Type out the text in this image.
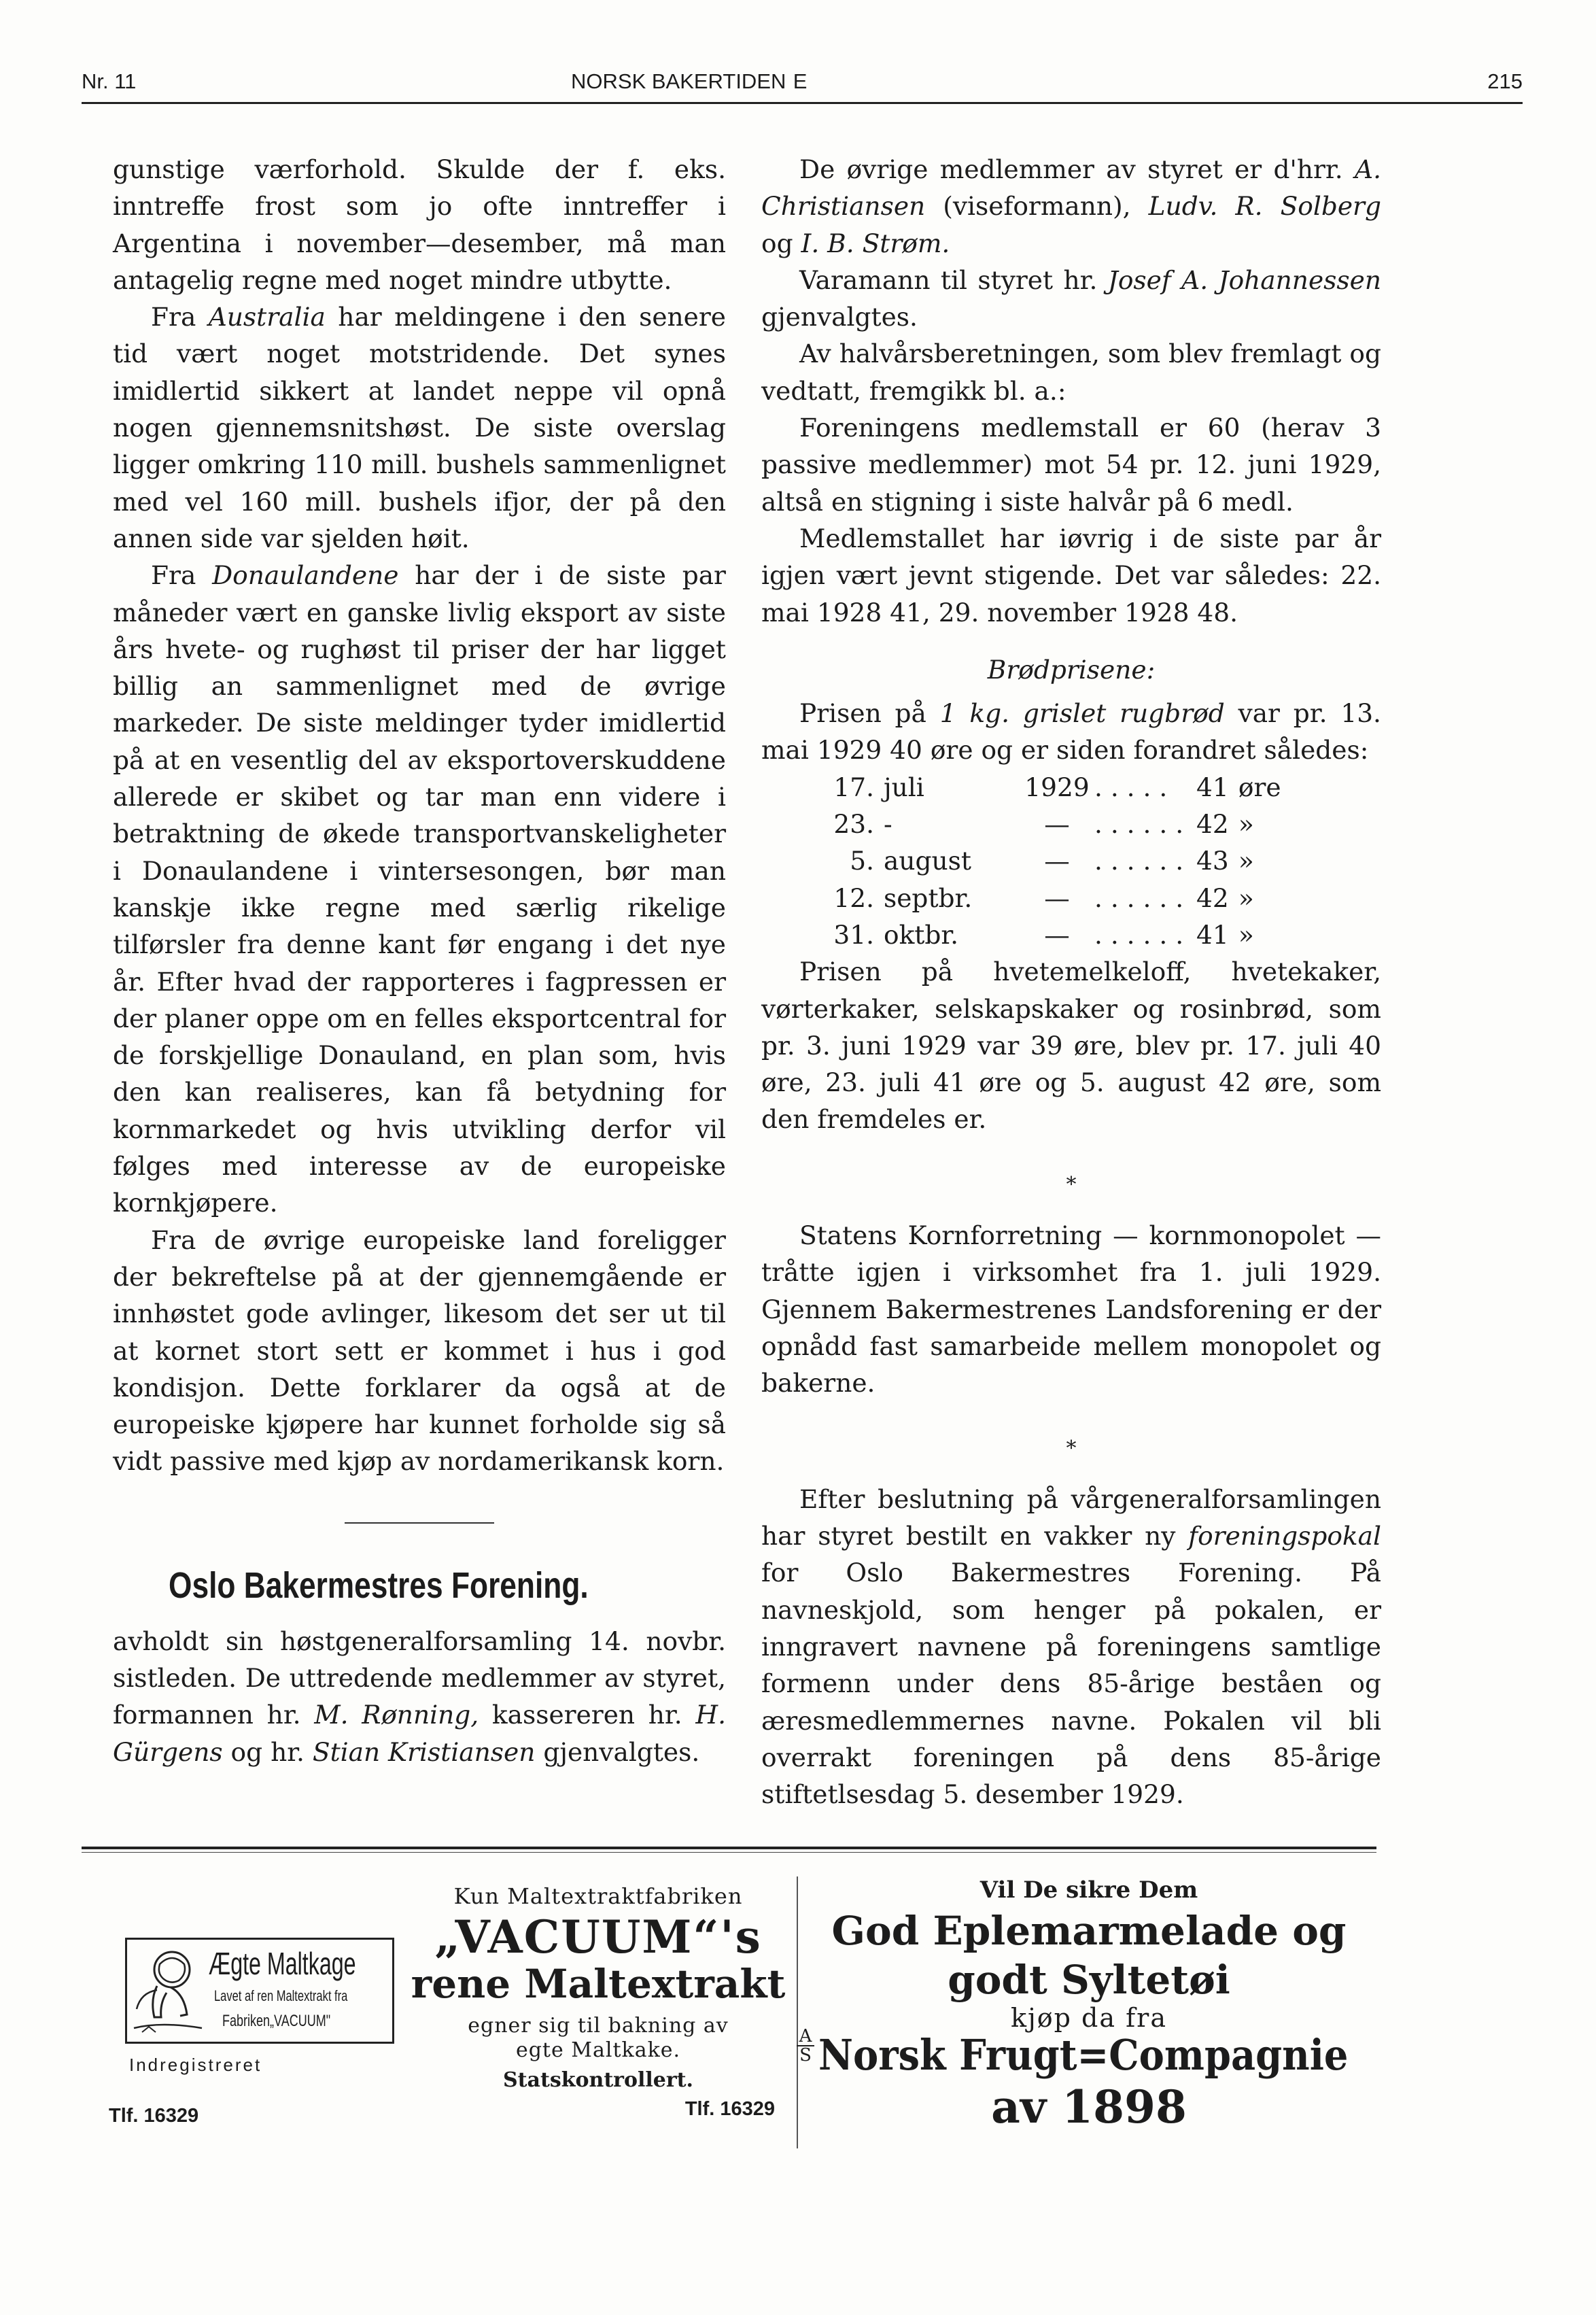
Nr. 11	NORSK BAKERTIDEN  E	215

gunstige værforhold. Skulde der f. eks. inntreffe frost som jo ofte inntreffer i Argentina i november—desember, må man antagelig regne med noget mindre utbytte.

Fra Australia har meldingene i den senere tid vært noget motstridende. Det synes imidlertid sikkert at landet neppe vil opnå nogen gjennemsnitshøst. De siste overslag ligger omkring 110 mill. bushels sammenlignet med vel 160 mill. bushels ifjor, der på den annen side var sjelden høit.

Fra Donaulandene har der i de siste par måneder vært en ganske livlig eksport av siste års hvete- og rughøst til priser der har ligget billig an sammenlignet med de øvrige markeder. De siste meldinger tyder imidlertid på at en vesentlig del av eksportoverskuddene allerede er skibet og tar man enn videre i betraktning de økede transportvanskeligheter i Donaulandene i vintersesongen, bør man kanskje ikke regne med særlig rikelige tilførsler fra denne kant før engang i det nye år. Efter hvad der rapporteres i fagpressen er der planer oppe om en felles eksportcentral for de forskjellige Donauland, en plan som, hvis den kan realiseres, kan få betydning for kornmarkedet og hvis utvikling derfor vil følges med interesse av de europeiske kornkjøpere.

Fra de øvrige europeiske land foreligger der bekreftelse på at der gjennemgående er innhøstet gode avlinger, likesom det ser ut til at kornet stort sett er kommet i hus i god kondisjon. Dette forklarer da også at de europeiske kjøpere har kunnet forholde sig så vidt passive med kjøp av nordamerikansk korn.

Oslo Bakermestres Forening.

avholdt sin høstgeneralforsamling 14. novbr. sistleden. De uttredende medlemmer av styret, formannen hr. M. Rønning, kassereren hr. H. Gürgens og hr. Stian Kristiansen gjenvalgtes.

De øvrige medlemmer av styret er d'hrr. A. Christiansen (viseformann), Ludv. R. Solberg og I. B. Strøm.

Varamann til styret hr. Josef A. Johannessen gjenvalgtes.

Av halvårsberetningen, som blev fremlagt og vedtatt, fremgikk bl. a.:

Foreningens medlemstall er 60 (herav 3 passive medlemmer) mot 54 pr. 12. juni 1929, altså en stigning i siste halvår på 6 medl.

Medlemstallet har iøvrig i de siste par år igjen vært jevnt stigende. Det var således: 22. mai 1928 41, 29. november 1928 48.

Brødprisene:

Prisen på 1 kg. grislet rugbrød var pr. 13. mai 1929 40 øre og er siden forandret således:

17. juli	1929 . . . . . 41 øre
23. -	— . . . . . . 42 »
5. august	— . . . . . . 43 »
12. septbr.	— . . . . . . 42 »
31. oktbr.	— . . . . . . 41 »

Prisen på hvetemelkeloff, hvetekaker, vørterkaker, selskapskaker og rosinbrød, som pr. 3. juni 1929 var 39 øre, blev pr. 17. juli 40 øre, 23. juli 41 øre og 5. august 42 øre, som den fremdeles er.

*

Statens Kornforretning — kornmonopolet — tråtte igjen i virksomhet fra 1. juli 1929. Gjennem Bakermestrenes Landsforening er der opnådd fast samarbeide mellem monopolet og bakerne.

*

Efter beslutning på vårgeneralforsamlingen har styret bestilt en vakker ny foreningspokal for Oslo Bakermestres Forening. På navneskjold, som henger på pokalen, er inngravert navnene på foreningens samtlige formenn under dens 85-årige beståen og æresmedlemmernes navne. Pokalen vil bli overrakt foreningen på dens 85-årige stiftetlsesdag 5. desember 1929.

Ægte Maltkage
Lavet af ren Maltextrakt fra
Fabriken„VACUUM"
Indregistreret
Tlf. 16329
Kun Maltextraktfabriken
„VACUUM“'s
rene Maltextrakt
egner sig til bakning av
egte Maltkake.
Statskontrollert.
Tlf. 16329
Vil De sikre Dem
God Eplemarmelade og
godt Syltetøi
kjøp da fra
A
S Norsk Frugt=Compagnie
av 1898
